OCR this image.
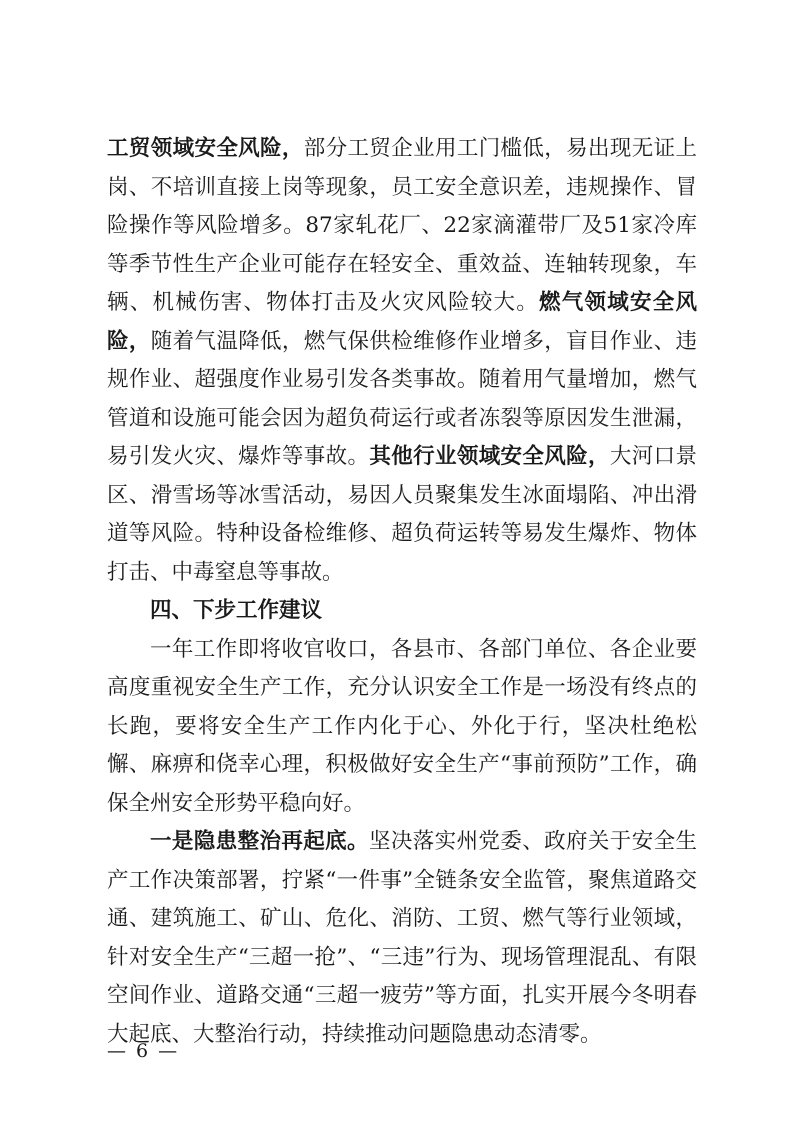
工贸领域安全风险，部分工贸企业用工门槛低，易出现无证上岗、不培训直接上岗等现象，员工安全意识差，违规操作、冒险操作等风险增多。87家轧花厂、22家滴灌带厂及51家冷库等季节性生产企业可能存在轻安全、重效益、连轴转现象，车辆、机械伤害、物体打击及火灾风险较大。燃气领域安全风险，随着气温降低，燃气保供检维修作业增多，盲目作业、违规作业、超强度作业易引发各类事故。随着用气量增加，燃气管道和设施可能会因为超负荷运行或者冻裂等原因发生泄漏，易引发火灾、爆炸等事故。其他行业领域安全风险，大河口景区、滑雪场等冰雪活动，易因人员聚集发生冰面塌陷、冲出滑道等风险。特种设备检维修、超负荷运转等易发生爆炸、物体打击、中毒窒息等事故。

四、下步工作建议

一年工作即将收官收口，各县市、各部门单位、各企业要高度重视安全生产工作，充分认识安全工作是一场没有终点的长跑，要将安全生产工作内化于心、外化于行，坚决杜绝松懈、麻痹和侥幸心理，积极做好安全生产“事前预防”工作，确保全州安全形势平稳向好。

一是隐患整治再起底。坚决落实州党委、政府关于安全生产工作决策部署，拧紧“一件事”全链条安全监管，聚焦道路交通、建筑施工、矿山、危化、消防、工贸、燃气等行业领域，针对安全生产“三超一抢”、“三违”行为、现场管理混乱、有限空间作业、道路交通“三超一疲劳”等方面，扎实开展今冬明春大起底、大整治行动，持续推动问题隐患动态清零。

— 6 —
